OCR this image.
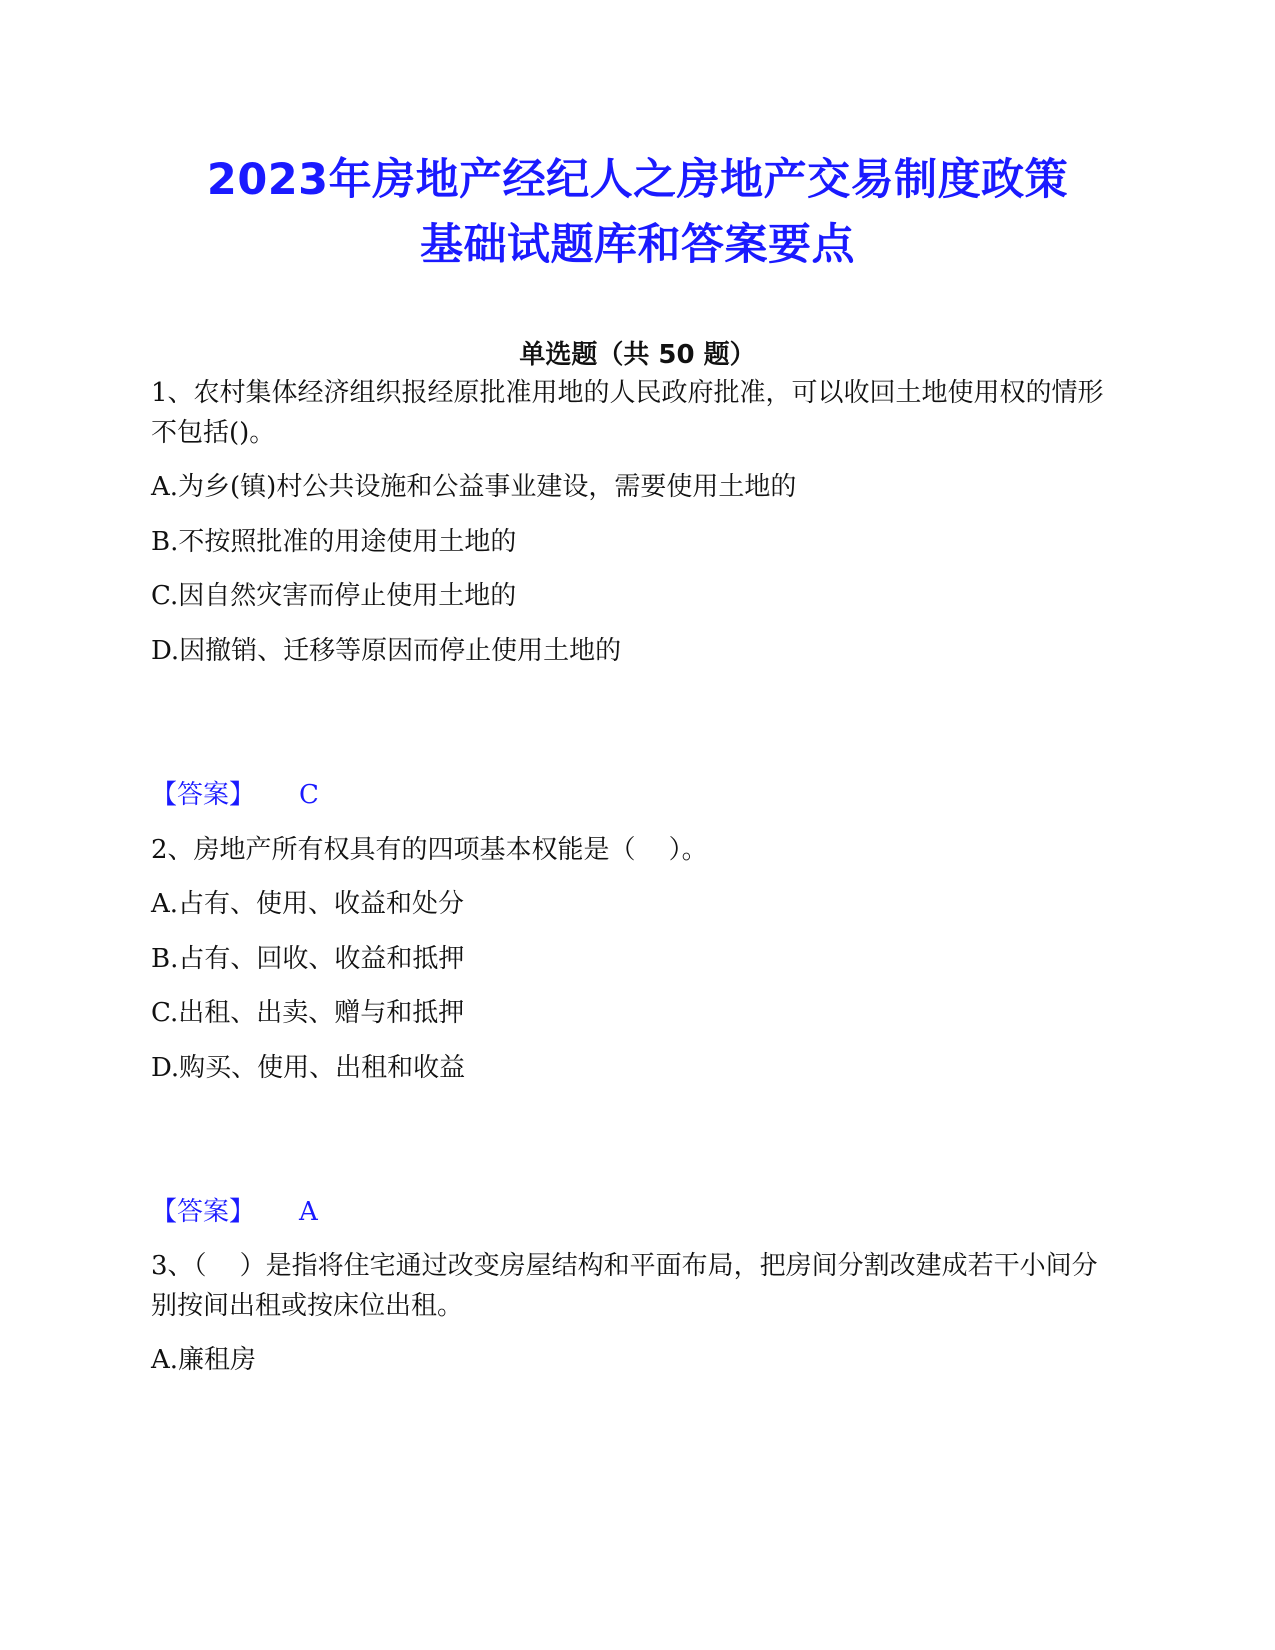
2023年房地产经纪人之房地产交易制度政策
基础试题库和答案要点
单选题（共 50 题）
1、农村集体经济组织报经原批准用地的人民政府批准，可以收回土地使用权的情形不包括()。
A.为乡(镇)村公共设施和公益事业建设，需要使用土地的
B.不按照批准的用途使用土地的
C.因自然灾害而停止使用土地的
D.因撤销、迁移等原因而停止使用土地的
【答案】 C
2、房地产所有权具有的四项基本权能是（    ）。
A.占有、使用、收益和处分
B.占有、回收、收益和抵押
C.出租、出卖、赠与和抵押
D.购买、使用、出租和收益
【答案】 A
3、（    ）是指将住宅通过改变房屋结构和平面布局，把房间分割改建成若干小间分别按间出租或按床位出租。
A.廉租房
